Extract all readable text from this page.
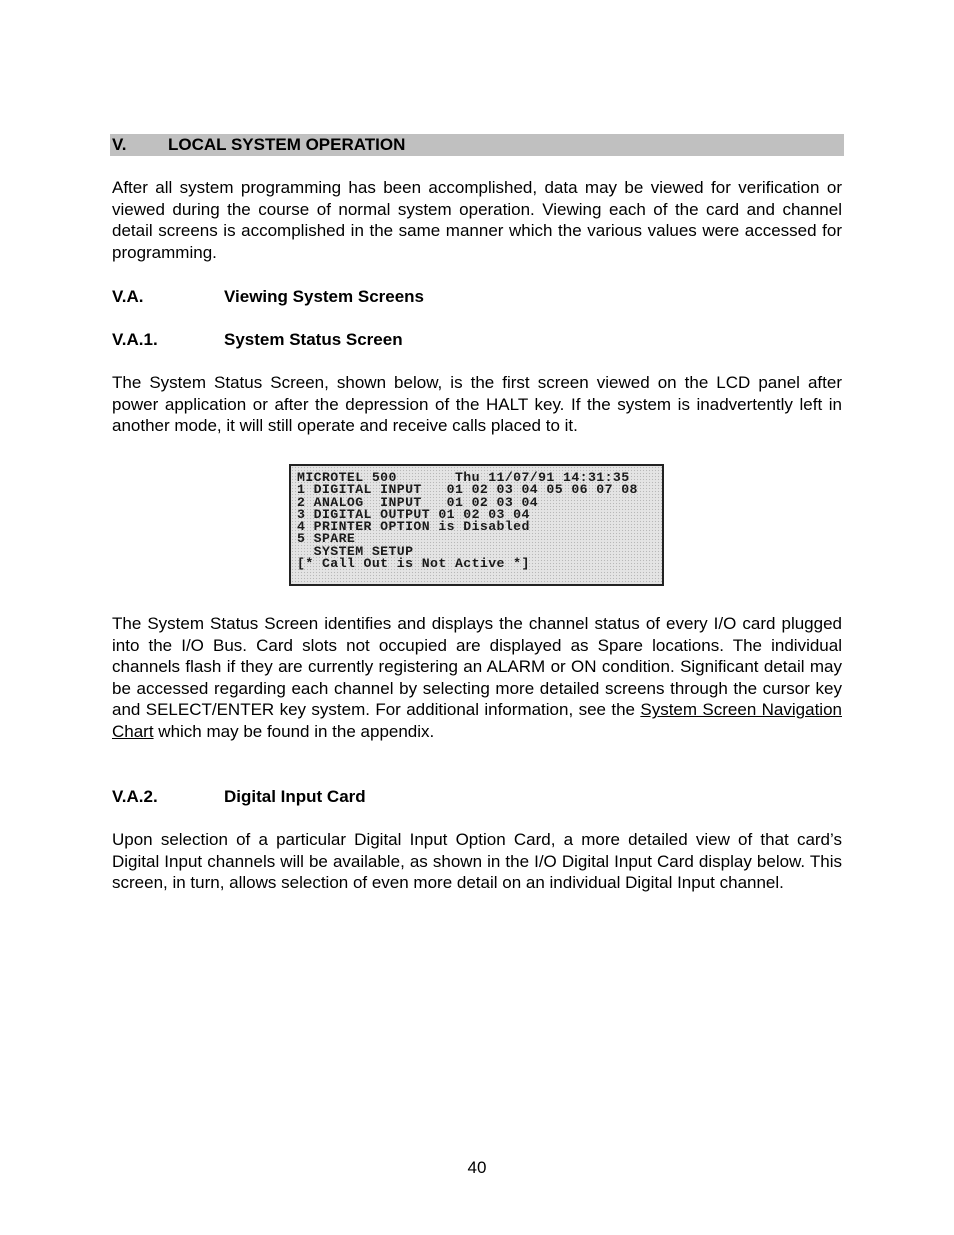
V. LOCAL SYSTEM OPERATION

After all system programming has been accomplished, data may be viewed for verification or viewed during the course of normal system operation. Viewing each of the card and channel detail screens is accomplished in the same manner which the various values were accessed for programming.

V.A.	Viewing System Screens

V.A.1.	System Status Screen

The System Status Screen, shown below, is the first screen viewed on the LCD panel after power application or after the depression of the HALT key. If the system is inadvertently left in another mode, it will still operate and receive calls placed to it.

MICROTEL 500       Thu 11/07/91 14:31:35
1 DIGITAL INPUT   01 02 03 04 05 06 07 08
2 ANALOG  INPUT   01 02 03 04
3 DIGITAL OUTPUT 01 02 03 04
4 PRINTER OPTION is Disabled
5 SPARE
SYSTEM SETUP
[* Call Out is Not Active *]

The System Status Screen identifies and displays the channel status of every I/O card plugged into the I/O Bus. Card slots not occupied are displayed as Spare locations. The individual channels flash if they are currently registering an ALARM or ON condition. Significant detail may be accessed regarding each channel by selecting more detailed screens through the cursor key and SELECT/ENTER key system. For additional information, see the System Screen Navigation Chart which may be found in the appendix.

V.A.2.	Digital Input Card

Upon selection of a particular Digital Input Option Card, a more detailed view of that card’s Digital Input channels will be available, as shown in the I/O Digital Input Card display below. This screen, in turn, allows selection of even more detail on an individual Digital Input channel.

40
